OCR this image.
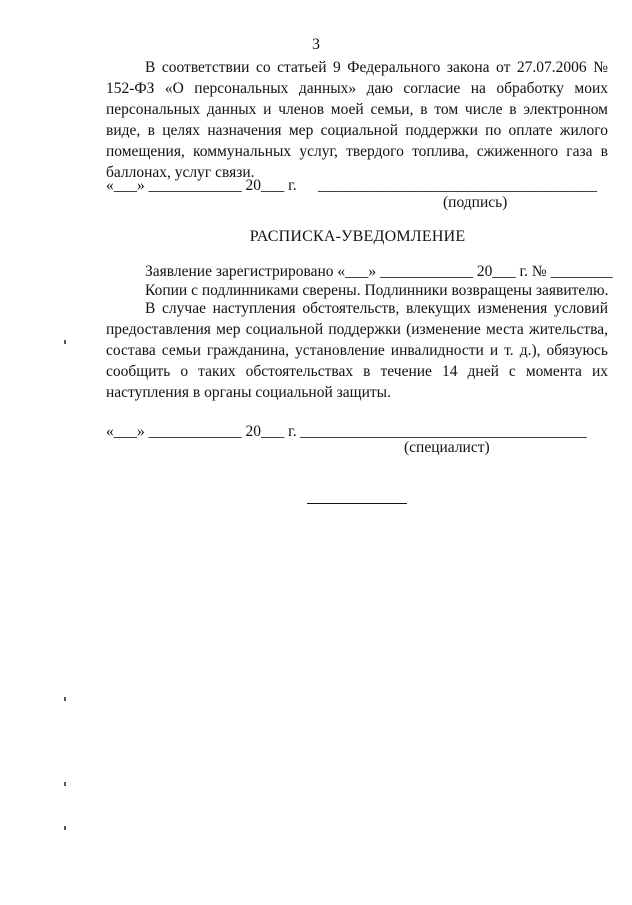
3

В соответствии со статьей 9 Федерального закона от 27.07.2006 № 152-ФЗ «О персональных данных» даю согласие на обработку моих персональных данных и членов моей семьи, в том числе в электронном виде, в целях назначения мер социальной поддержки по оплате жилого помещения, коммунальных услуг, твердого топлива, сжиженного газа в баллонах, услуг связи.

«___» ____________ 20___ г. ____________________________________
(подпись)
РАСПИСКА-УВЕДОМЛЕНИЕ
Заявление зарегистрировано «___» ____________ 20___ г. № ________
Копии с подлинниками сверены. Подлинники возвращены заявителю.

В случае наступления обстоятельств, влекущих изменения условий предоставления мер социальной поддержки (изменение места жительства, состава семьи гражданина, установление инвалидности и т. д.), обязуюсь сообщить о таких обстоятельствах в течение 14 дней с момента их наступления в органы социальной защиты.

«___» ____________ 20___ г. _____________________________________
(специалист)
